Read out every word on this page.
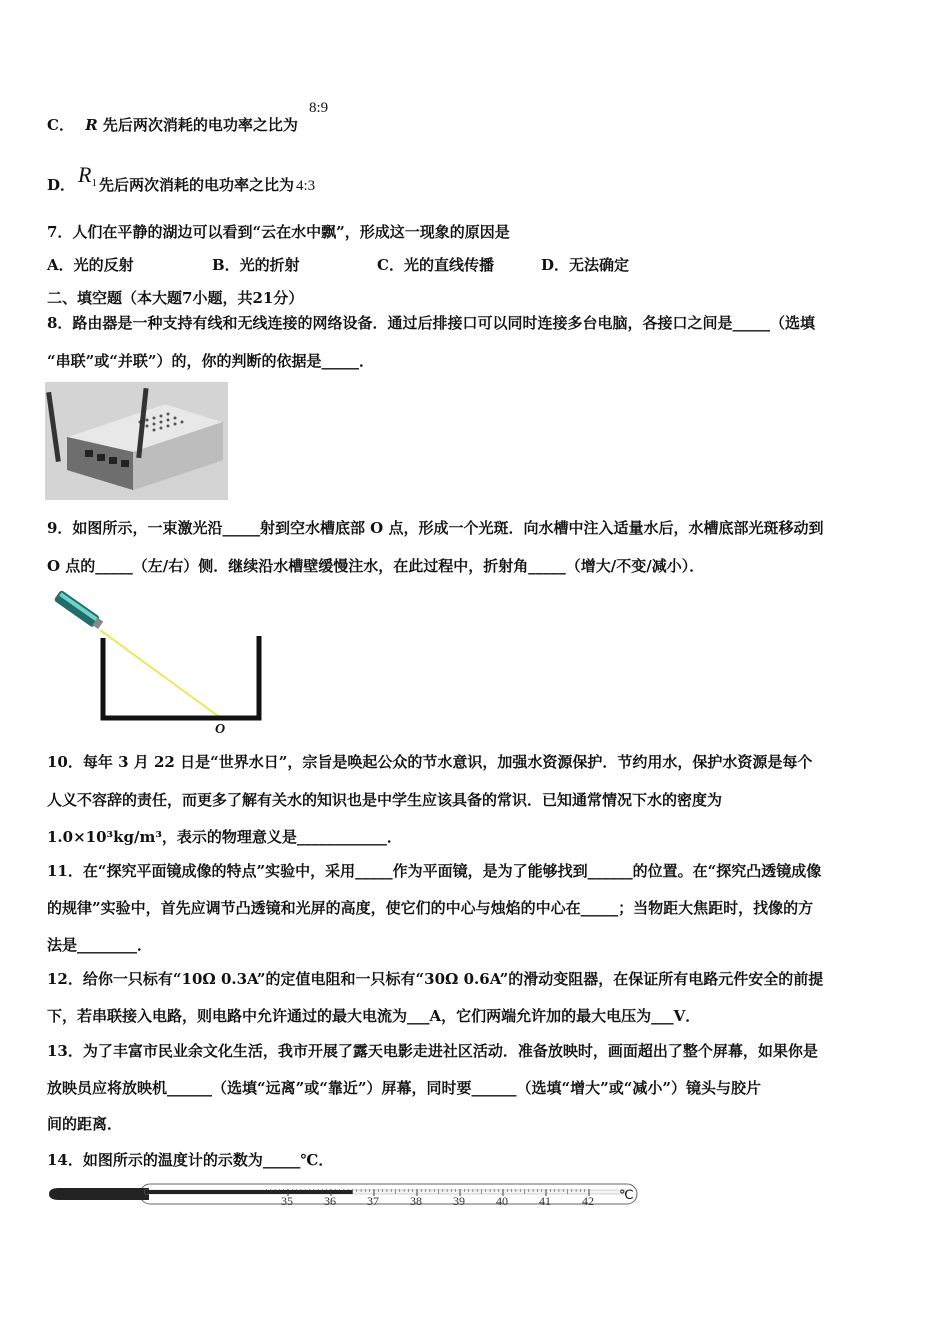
C． R 先后两次消耗的电功率之比为
8:9
D． $R_1$ 先后两次消耗的电功率之比为 4:3
7．人们在平静的湖边可以看到“云在水中飘”，形成这一现象的原因是
A．光的反射	B．光的折射	C．光的直线传播	D．无法确定
二、填空题（本大题7小题，共21分）
8．路由器是一种支持有线和无线连接的网络设备．通过后排接口可以同时连接多台电脑，各接口之间是_____（选填
“串联”或“并联”）的，你的判断的依据是_____．
9．如图所示，一束激光沿_____射到空水槽底部 O 点，形成一个光斑．向水槽中注入适量水后，水槽底部光斑移动到
O 点的_____（左/右）侧．继续沿水槽壁缓慢注水，在此过程中，折射角_____（增大/不变/减小）．
O
10．每年 3 月 22 日是“世界水日”，宗旨是唤起公众的节水意识，加强水资源保护．节约用水，保护水资源是每个
人义不容辞的责任，而更多了解有关水的知识也是中学生应该具备的常识．已知通常情况下水的密度为
1.0×10³kg/m³，表示的物理意义是____________．
11．在“探究平面镜成像的特点”实验中，采用_____作为平面镜，是为了能够找到______的位置。在“探究凸透镜成像
的规律”实验中，首先应调节凸透镜和光屏的高度，使它们的中心与烛焰的中心在_____；当物距大焦距时，找像的方
法是________．
12．给你一只标有“10Ω 0.3A”的定值电阻和一只标有“30Ω 0.6A”的滑动变阻器，在保证所有电路元件安全的前提
下，若串联接入电路，则电路中允许通过的最大电流为___A，它们两端允许加的最大电压为___V．
13．为了丰富市民业余文化生活，我市开展了露天电影走进社区活动．准备放映时，画面超出了整个屏幕，如果你是
放映员应将放映机______（选填“远离”或“靠近”）屏幕，同时要______（选填“增大”或“减小”）镜头与胶片
间的距离．
14．如图所示的温度计的示数为_____℃．
35	36	37	38	39	40	41	42 ℃
